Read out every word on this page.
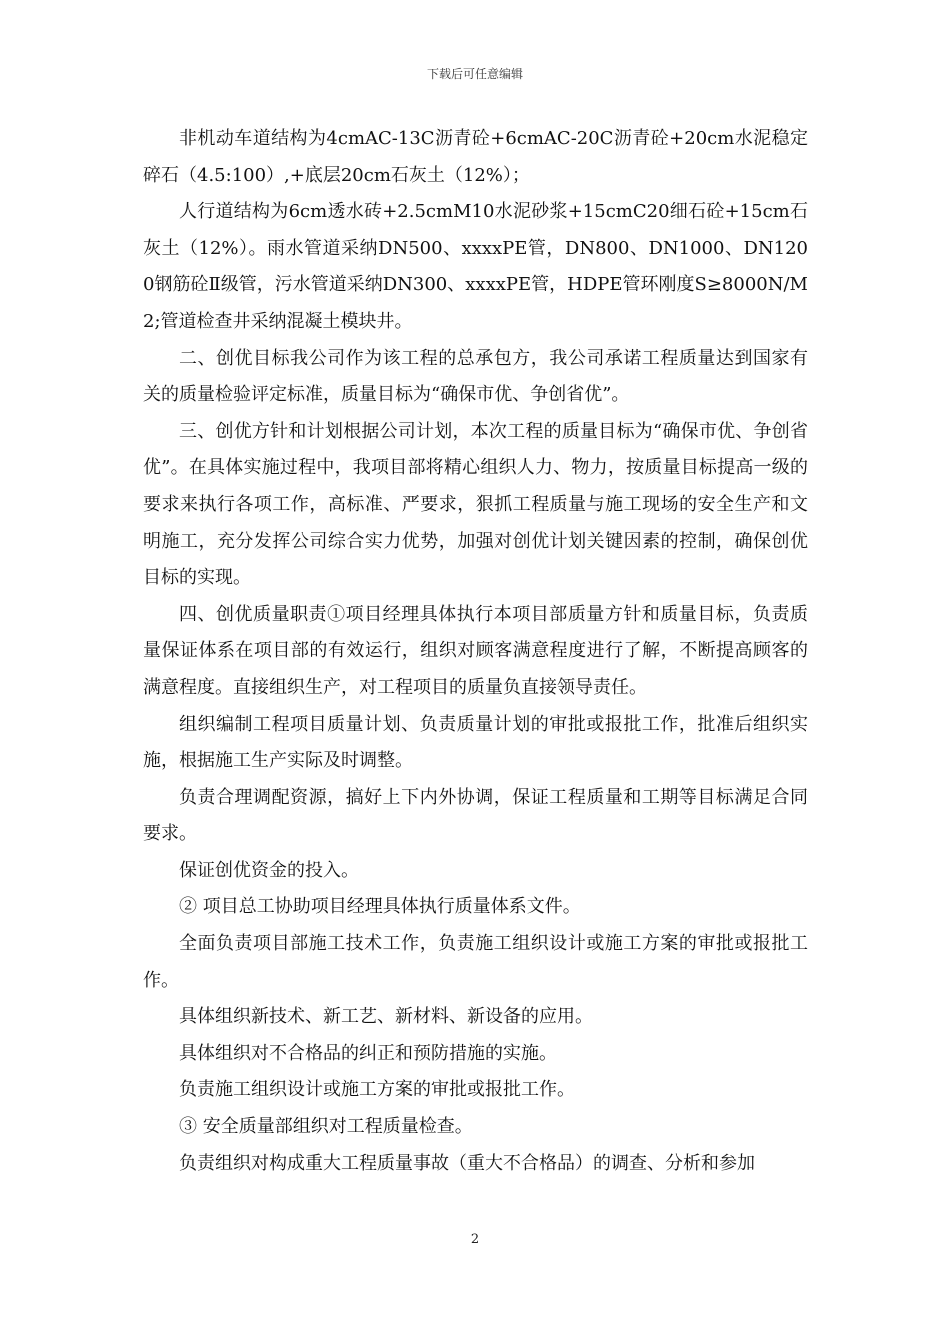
下载后可任意编辑

非机动车道结构为4cmAC-13C沥青砼+6cmAC-20C沥青砼+20cm水泥稳定碎石（4.5:100）,+底层20cm石灰土（12%）；

人行道结构为6cm透水砖+2.5cmM10水泥砂浆+15cmC20细石砼+15cm石灰土（12%）。雨水管道采纳DN500、xxxxPE管，DN800、DN1000、DN1200钢筋砼Ⅱ级管，污水管道采纳DN300、xxxxPE管，HDPE管环刚度S≥8000N/M2;管道检查井采纳混凝土模块井。

二、创优目标我公司作为该工程的总承包方，我公司承诺工程质量达到国家有关的质量检验评定标准，质量目标为“确保市优、争创省优”。

三、创优方针和计划根据公司计划，本次工程的质量目标为“确保市优、争创省优”。在具体实施过程中，我项目部将精心组织人力、物力，按质量目标提高一级的要求来执行各项工作，高标准、严要求，狠抓工程质量与施工现场的安全生产和文明施工，充分发挥公司综合实力优势，加强对创优计划关键因素的控制，确保创优目标的实现。

四、创优质量职责①项目经理具体执行本项目部质量方针和质量目标，负责质量保证体系在项目部的有效运行，组织对顾客满意程度进行了解，不断提高顾客的满意程度。直接组织生产，对工程项目的质量负直接领导责任。

组织编制工程项目质量计划、负责质量计划的审批或报批工作，批准后组织实施，根据施工生产实际及时调整。

负责合理调配资源，搞好上下内外协调，保证工程质量和工期等目标满足合同要求。

保证创优资金的投入。

② 项目总工协助项目经理具体执行质量体系文件。

全面负责项目部施工技术工作，负责施工组织设计或施工方案的审批或报批工作。

具体组织新技术、新工艺、新材料、新设备的应用。

具体组织对不合格品的纠正和预防措施的实施。

负责施工组织设计或施工方案的审批或报批工作。

③ 安全质量部组织对工程质量检查。

负责组织对构成重大工程质量事故（重大不合格品）的调查、分析和参加

2
